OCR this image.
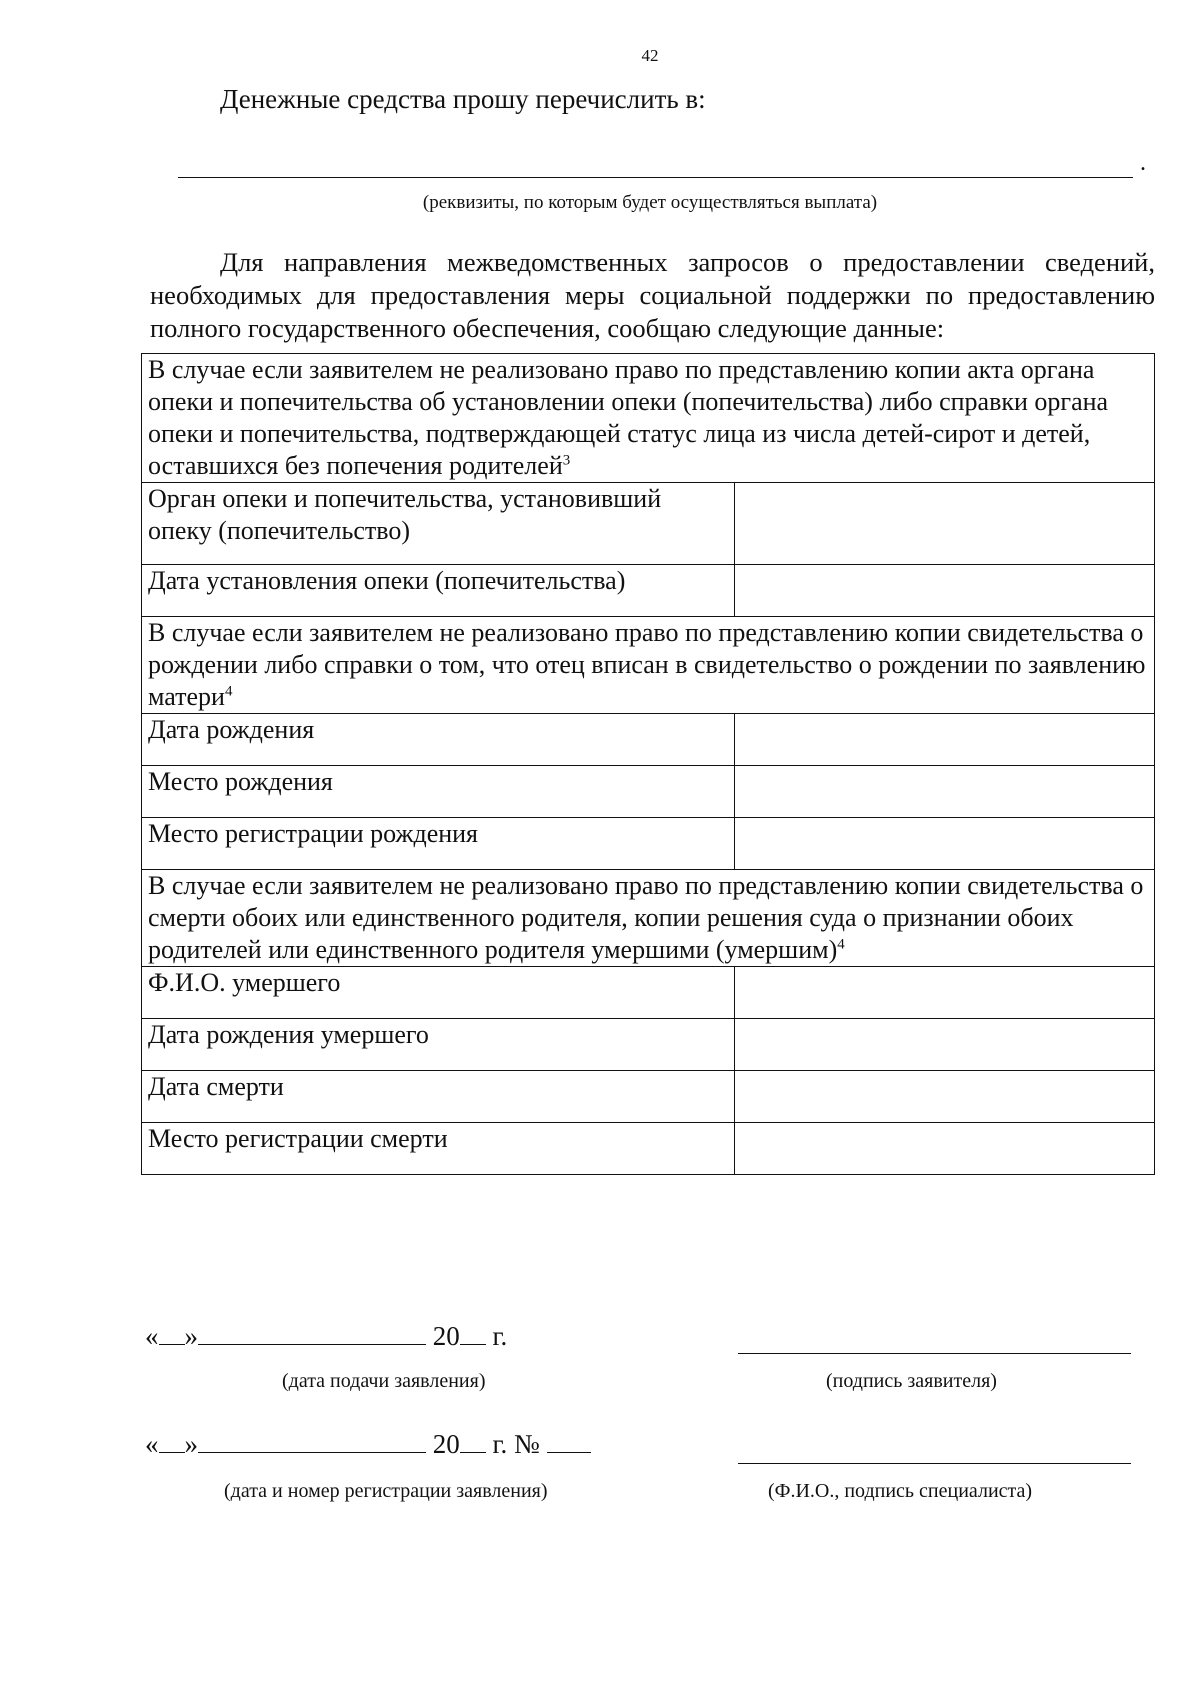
42
Денежные средства прошу перечислить в:
.
(реквизиты, по которым будет осуществляться выплата)
Для направления межведомственных запросов о предоставлении сведений, необходимых для предоставления меры социальной поддержки по предоставлению полного государственного обеспечения, сообщаю следующие данные:
В случае если заявителем не реализовано право по представлению копии акта органа опеки и попечительства об установлении опеки (попечительства) либо справки органа опеки и попечительства, подтверждающей статус лица из числа детей-сирот и детей, оставшихся без попечения родителей$^3$
Орган опеки и попечительства, установивший опеку (попечительство)	
Дата установления опеки (попечительства)	
В случае если заявителем не реализовано право по представлению копии свидетельства о рождении либо справки о том, что отец вписан в свидетельство о рождении по заявлению матери$^4$
Дата рождения	
Место рождения	
Место регистрации рождения	
В случае если заявителем не реализовано право по представлению копии свидетельства о смерти обоих или единственного родителя, копии решения суда о признании обоих родителей или единственного родителя умершими (умершим)$^4$
Ф.И.О. умершего	
Дата рождения умершего	
Дата смерти	
Место регистрации смерти	
« »	20 г.
(дата подачи заявления)	(подпись заявителя)
« »	20 г. №
(дата и номер регистрации заявления)	(Ф.И.О., подпись специалиста)
